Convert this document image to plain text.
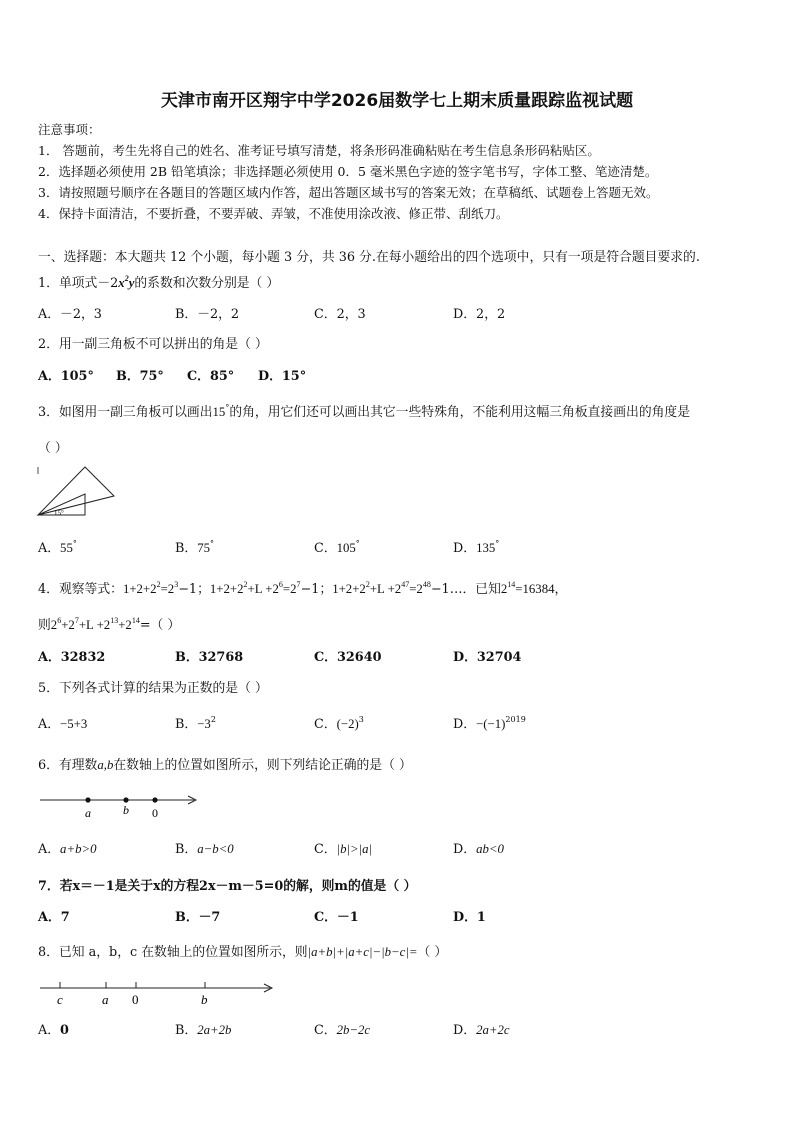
天津市南开区翔宇中学2026届数学七上期末质量跟踪监视试题
注意事项：
1． 答题前，考生先将自己的姓名、准考证号填写清楚，将条形码准确粘贴在考生信息条形码粘贴区。
2．选择题必须使用 2B 铅笔填涂；非选择题必须使用 0．5 毫米黑色字迹的签字笔书写，字体工整、笔迹清楚。
3．请按照题号顺序在各题目的答题区域内作答，超出答题区域书写的答案无效；在草稿纸、试题卷上答题无效。
4．保持卡面清洁，不要折叠，不要弄破、弄皱，不准使用涂改液、修正带、刮纸刀。
一、选择题：本大题共 12 个小题，每小题 3 分，共 36 分.在每小题给出的四个选项中，只有一项是符合题目要求的.
1．单项式$-2x^2y$的系数和次数分别是（ ）
A．－2，3	B．－2，2	C．2，3	D．2，2
2．用一副三角板不可以拼出的角是（ ）
A．105° B．75° C．85° D．15°
3．如图用一副三角板可以画出15°的角，用它们还可以画出其它一些特殊角，不能利用这幅三角板直接画出的角度是
（ ）
15°
A．55°	B．75°	C．105°	D．135°
4．观察等式：$1+2+2^2=2^3-1$；$1+2+2^2+L +2^6=2^7-1$；$1+2+2^2+L$ $+2^{47}=2^{48}-1\dots$．已知$2^{14}=16384$，
则$2^6+2^7+L +2^{13}+2^{14}=$（ ）
A．32832	B．32768	C．32640	D．32704
5．下列各式计算的结果为正数的是（ ）
A．−5+3	B．$-3^2$	C．$(-2)^3$	D．$-(-1)^{2019}$
6．有理数a,b在数轴上的位置如图所示，则下列结论正确的是（ ）
a	b 0
A．a+b>0	B．a−b<0	C．|b|>|a|	D．ab<0
7．若x＝－1是关于x的方程2x－m－5=0的解，则m的值是（ ）
A．7	B．－7	C．－1	D．1
8．已知 a，b，c 在数轴上的位置如图所示，则|a+b|+|a+c|−|b−c|=（ ）
c	a 0	b
A．0	B．2a+2b	C．2b−2c	D．2a+2c
